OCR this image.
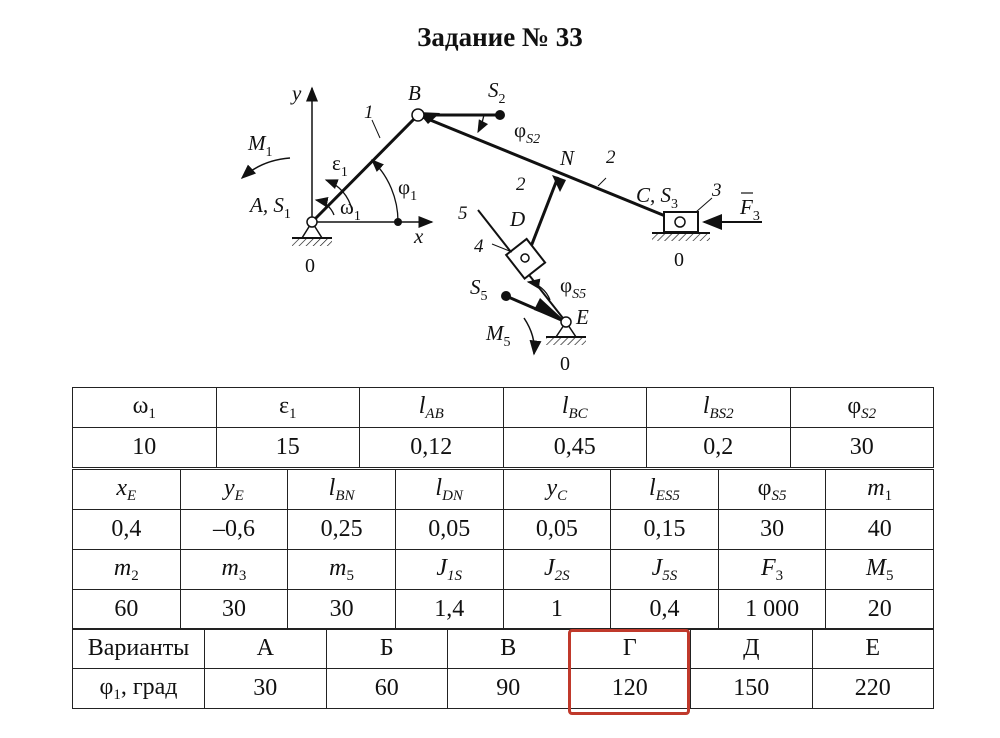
Задание № 33
y
x
B	$S_2$
$\varphi_{S2}$
1
$M_1$	$\varepsilon_1$
$\varphi_1$
A, $S_1$ $\omega_1$
0
N 2
2
5 D
4
C, $S_3$
3
$F_3$
0
$S_5$	$\varphi_{S5}$
E
$M_5$
0
$\omega_1$	$\varepsilon_1$	$l_{AB}$	$l_{BC}$	$l_{BS2}$	$\varphi_{S2}$
10	15	0,12	0,45	0,2	30
$x_E$	$y_E$	$l_{BN}$	$l_{DN}$	$y_C$	$l_{ES5}$	$\varphi_{S5}$	$m_1$
0,4	–0,6	0,25	0,05	0,05	0,15	30	40
$m_2$	$m_3$	$m_5$	$J_{1S}$	$J_{2S}$	$J_{5S}$	$F_3$	$M_5$
60	30	30	1,4	1	0,4	1 000	20
Варианты	А	Б	В	Г	Д	Е
$\varphi_1$, град	30	60	90	120	150	220
